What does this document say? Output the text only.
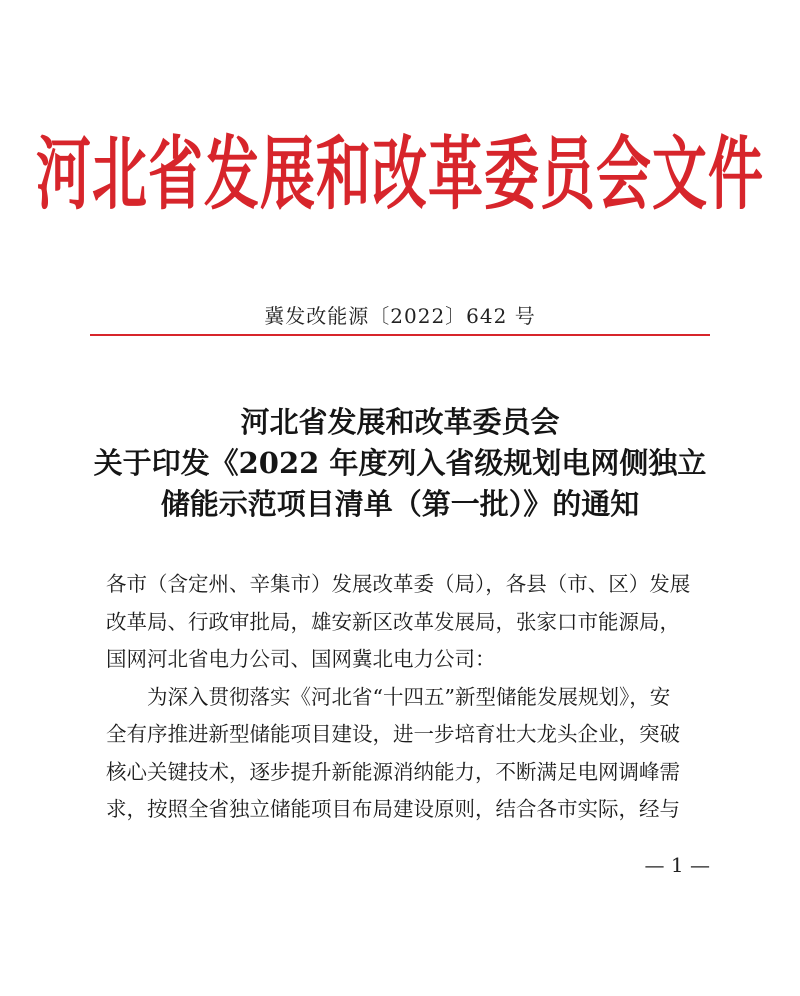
河北省发展和改革委员会文件
冀发改能源〔2022〕642 号
河北省发展和改革委员会
关于印发《2022 年度列入省级规划电网侧独立
储能示范项目清单（第一批）》的通知
各市（含定州、辛集市）发展改革委（局），各县（市、区）发展
改革局、行政审批局，雄安新区改革发展局，张家口市能源局，
国网河北省电力公司、国网冀北电力公司：
为深入贯彻落实《河北省“十四五”新型储能发展规划》，安
全有序推进新型储能项目建设，进一步培育壮大龙头企业，突破
核心关键技术，逐步提升新能源消纳能力，不断满足电网调峰需
求，按照全省独立储能项目布局建设原则，结合各市实际，经与
— 1 —
